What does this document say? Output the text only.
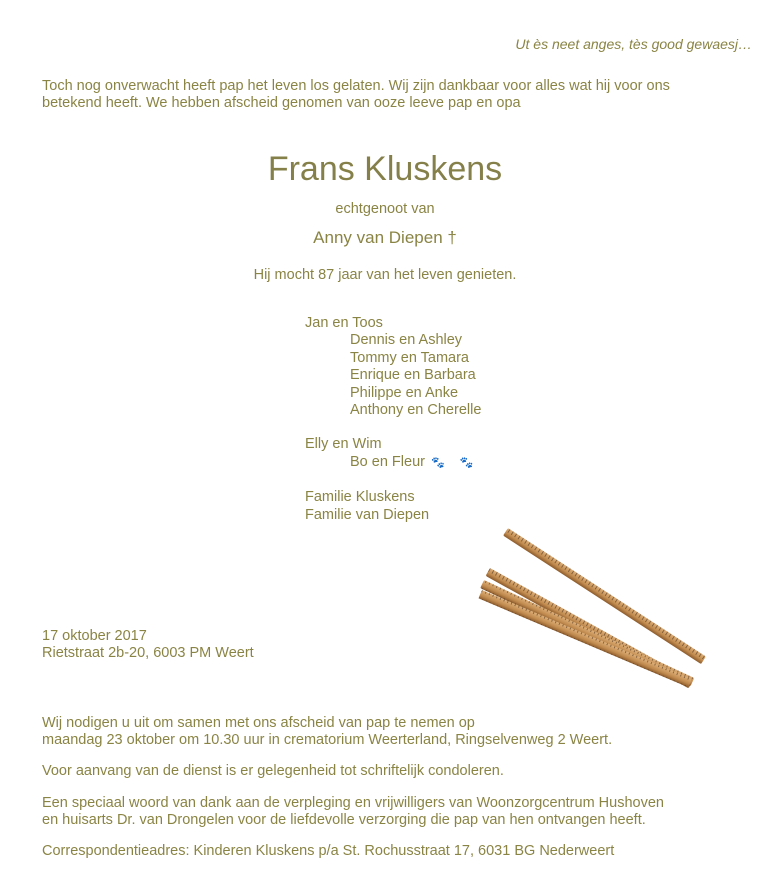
Ut ès neet anges, tès good gewaesj…
Toch nog onverwacht heeft pap het leven los gelaten. Wij zijn dankbaar voor alles wat hij voor ons
betekend heeft. We hebben afscheid genomen van ooze leeve pap en opa
Frans Kluskens
echtgenoot van
Anny van Diepen †
Hij mocht 87 jaar van het leven genieten.
Jan en Toos
Dennis en Ashley
Tommy en Tamara
Enrique en Barbara
Philippe en Anke
Anthony en Cherelle
Elly en Wim
Bo en Fleur 🐾 🐾
Familie Kluskens
Familie van Diepen
17 oktober 2017
Rietstraat 2b-20, 6003 PM Weert
Wij nodigen u uit om samen met ons afscheid van pap te nemen op
maandag 23 oktober om 10.30 uur in crematorium Weerterland, Ringselvenweg 2 Weert.
Voor aanvang van de dienst is er gelegenheid tot schriftelijk condoleren.
Een speciaal woord van dank aan de verpleging en vrijwilligers van Woonzorgcentrum Hushoven
en huisarts Dr. van Drongelen voor de liefdevolle verzorging die pap van hen ontvangen heeft.
Correspondentieadres: Kinderen Kluskens p/a St. Rochusstraat 17, 6031 BG Nederweert
